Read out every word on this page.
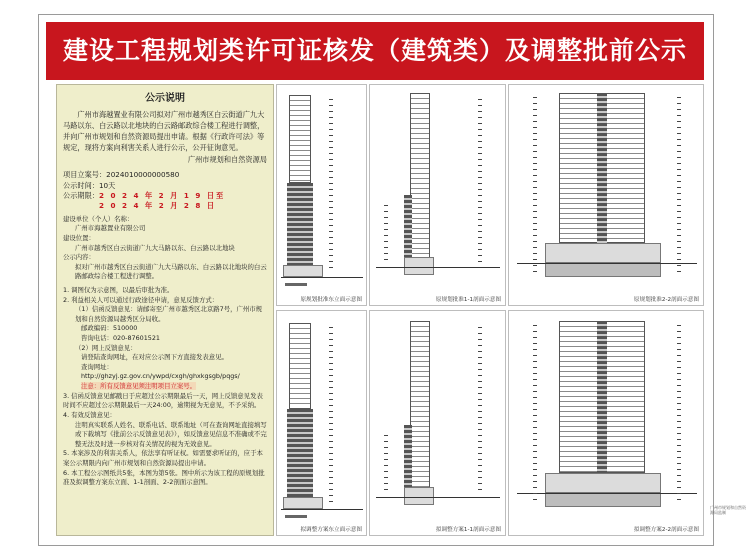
建设工程规划类许可证核发（建筑类）及调整批前公示
公示说明

广州市海越置业有限公司拟对广州市越秀区白云街道广九大马路以东、白云路以北地块的白云路邮政综合楼工程进行调整，并向广州市规划和自然资源局提出申请。根据《行政许可法》等规定，现将方案向利害关系人进行公示，公开征询意见。

广州市规划和自然资源局
项目立案号：2024010000000580
公示时间：10天
公示期限：2 0 2 4 年 2 月 1 9 日至
2 0 2 4 年 2 月 2 8 日

建设单位（个人）名称：

广州市海越置业有限公司

建设位置：

广州市越秀区白云街道广九大马路以东、白云路以北地块

公示内容：

拟对广州市越秀区白云街道广九大马路以东、白云路以北地块的白云路邮政综合楼工程进行调整。

1. 调图仅为示意图，以最后审批为准。

2. 利益相关人可以通过行政途径申请，意见反馈方式：

（1）信函反馈意见：请邮寄至广州市越秀区北京路7号，广州市规划和自然资源局越秀区分局收。

邮政编码：510000

咨询电话：020-87601521

（2）网上反馈意见：

请登陆查询网址，在对应公示图下方直接发表意见。

查询网址：

http://ghzyj.gz.gov.cn/ywpd/cxgh/ghxkgsgb/pqgs/

注意：所有反馈意见须注明项目立案号。

3. 信函反馈意见邮戳日于应超过公示期限最后一天，网上反馈意见发表时间不应超过公示期限最后一天24:00，逾期视为无意见，不予采纳。

4. 有效反馈意见：

注明真实联系人姓名、联系电话、联系地址（可在查询网址直接填写或下载填写《批前公示反馈意见表》），如反馈意见信息不准确或不完整无法及时进一步核对有关情况的视为无效意见。

5. 本案涉及的利害关系人，依法享有听证权。如需要求听证的，应于本案公示期限内向广州市规划和自然资源局提出申请。

6. 本工程公示图纸共5张，本图为第5张。图中所示为该工程的原规划批准及拟调整方案东立面、1-1剖面、2-2剖面示意图。

原规划批准东立面示意图	原规划批准1-1剖面示意图	原规划批准2-2剖面示意图
拟调整方案东立面示意图	拟调整方案1-1剖面示意图	拟调整方案2-2剖面示意图
广州市规划和自然资源局监制
